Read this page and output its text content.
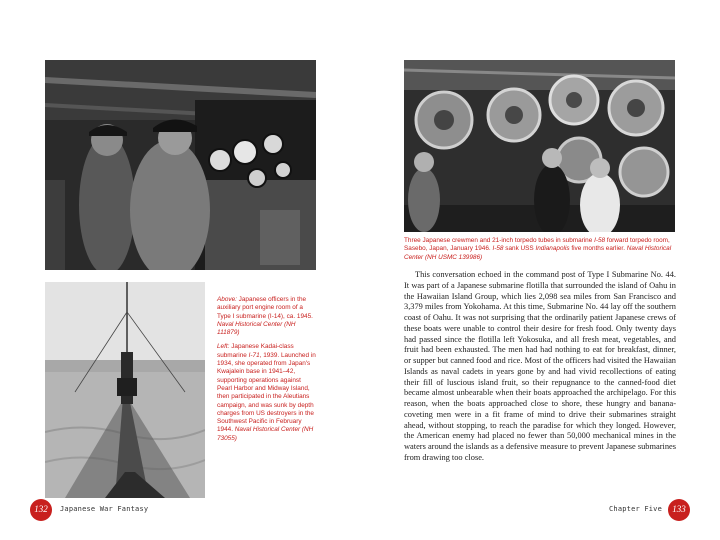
Three Japanese crewmen and 21-inch torpedo tubes in submarine I-58 forward torpedo room, Sasebo, Japan, January 1946. I-58 sank USS Indianapolis five months earlier. Naval Historical Center (NH USMC 139986)

Above: Japanese officers in the auxiliary port engine room of a Type I submarine (I-14), ca. 1945. Naval Historical Center (NH 111879)

Left: Japanese Kadai-class submarine I-71, 1939. Launched in 1934, she operated from Japan's Kwajalein base in 1941–42, supporting operations against Pearl Harbor and Midway Island, then participated in the Aleutians campaign, and was sunk by depth charges from US destroyers in the Southwest Pacific in February 1944. Naval Historical Center (NH 73055)

This conversation echoed in the command post of Type I Submarine No. 44. It was part of a Japanese submarine flotilla that surrounded the island of Oahu in the Hawaiian Island Group, which lies 2,098 sea miles from San Francisco and 3,379 miles from Yokohama. At this time, Submarine No. 44 lay off the southern coast of Oahu. It was not surprising that the ordinarily patient Japanese crews of these boats were unable to control their desire for fresh food. Only twenty days had passed since the flotilla left Yokosuka, and all fresh meat, vegetables, and fruit had been exhausted. The men had had nothing to eat for breakfast, dinner, or supper but canned food and rice. Most of the officers had visited the Hawaiian Islands as naval cadets in years gone by and had vivid recollections of eating their fill of luscious island fruit, so their repugnance to the canned-food diet became almost unbearable when their boats approached the archipelago. For this reason, when the boats approached close to shore, these hungry and banana-coveting men were in a fit frame of mind to drive their submarines straight ahead, without stopping, to reach the paradise for which they longed. However, the American enemy had placed no fewer than 50,000 mechanical mines in the waters around the islands as a defensive measure to prevent Japanese submarines from drawing too close.

132	Japanese War Fantasy	Chapter Five	133
